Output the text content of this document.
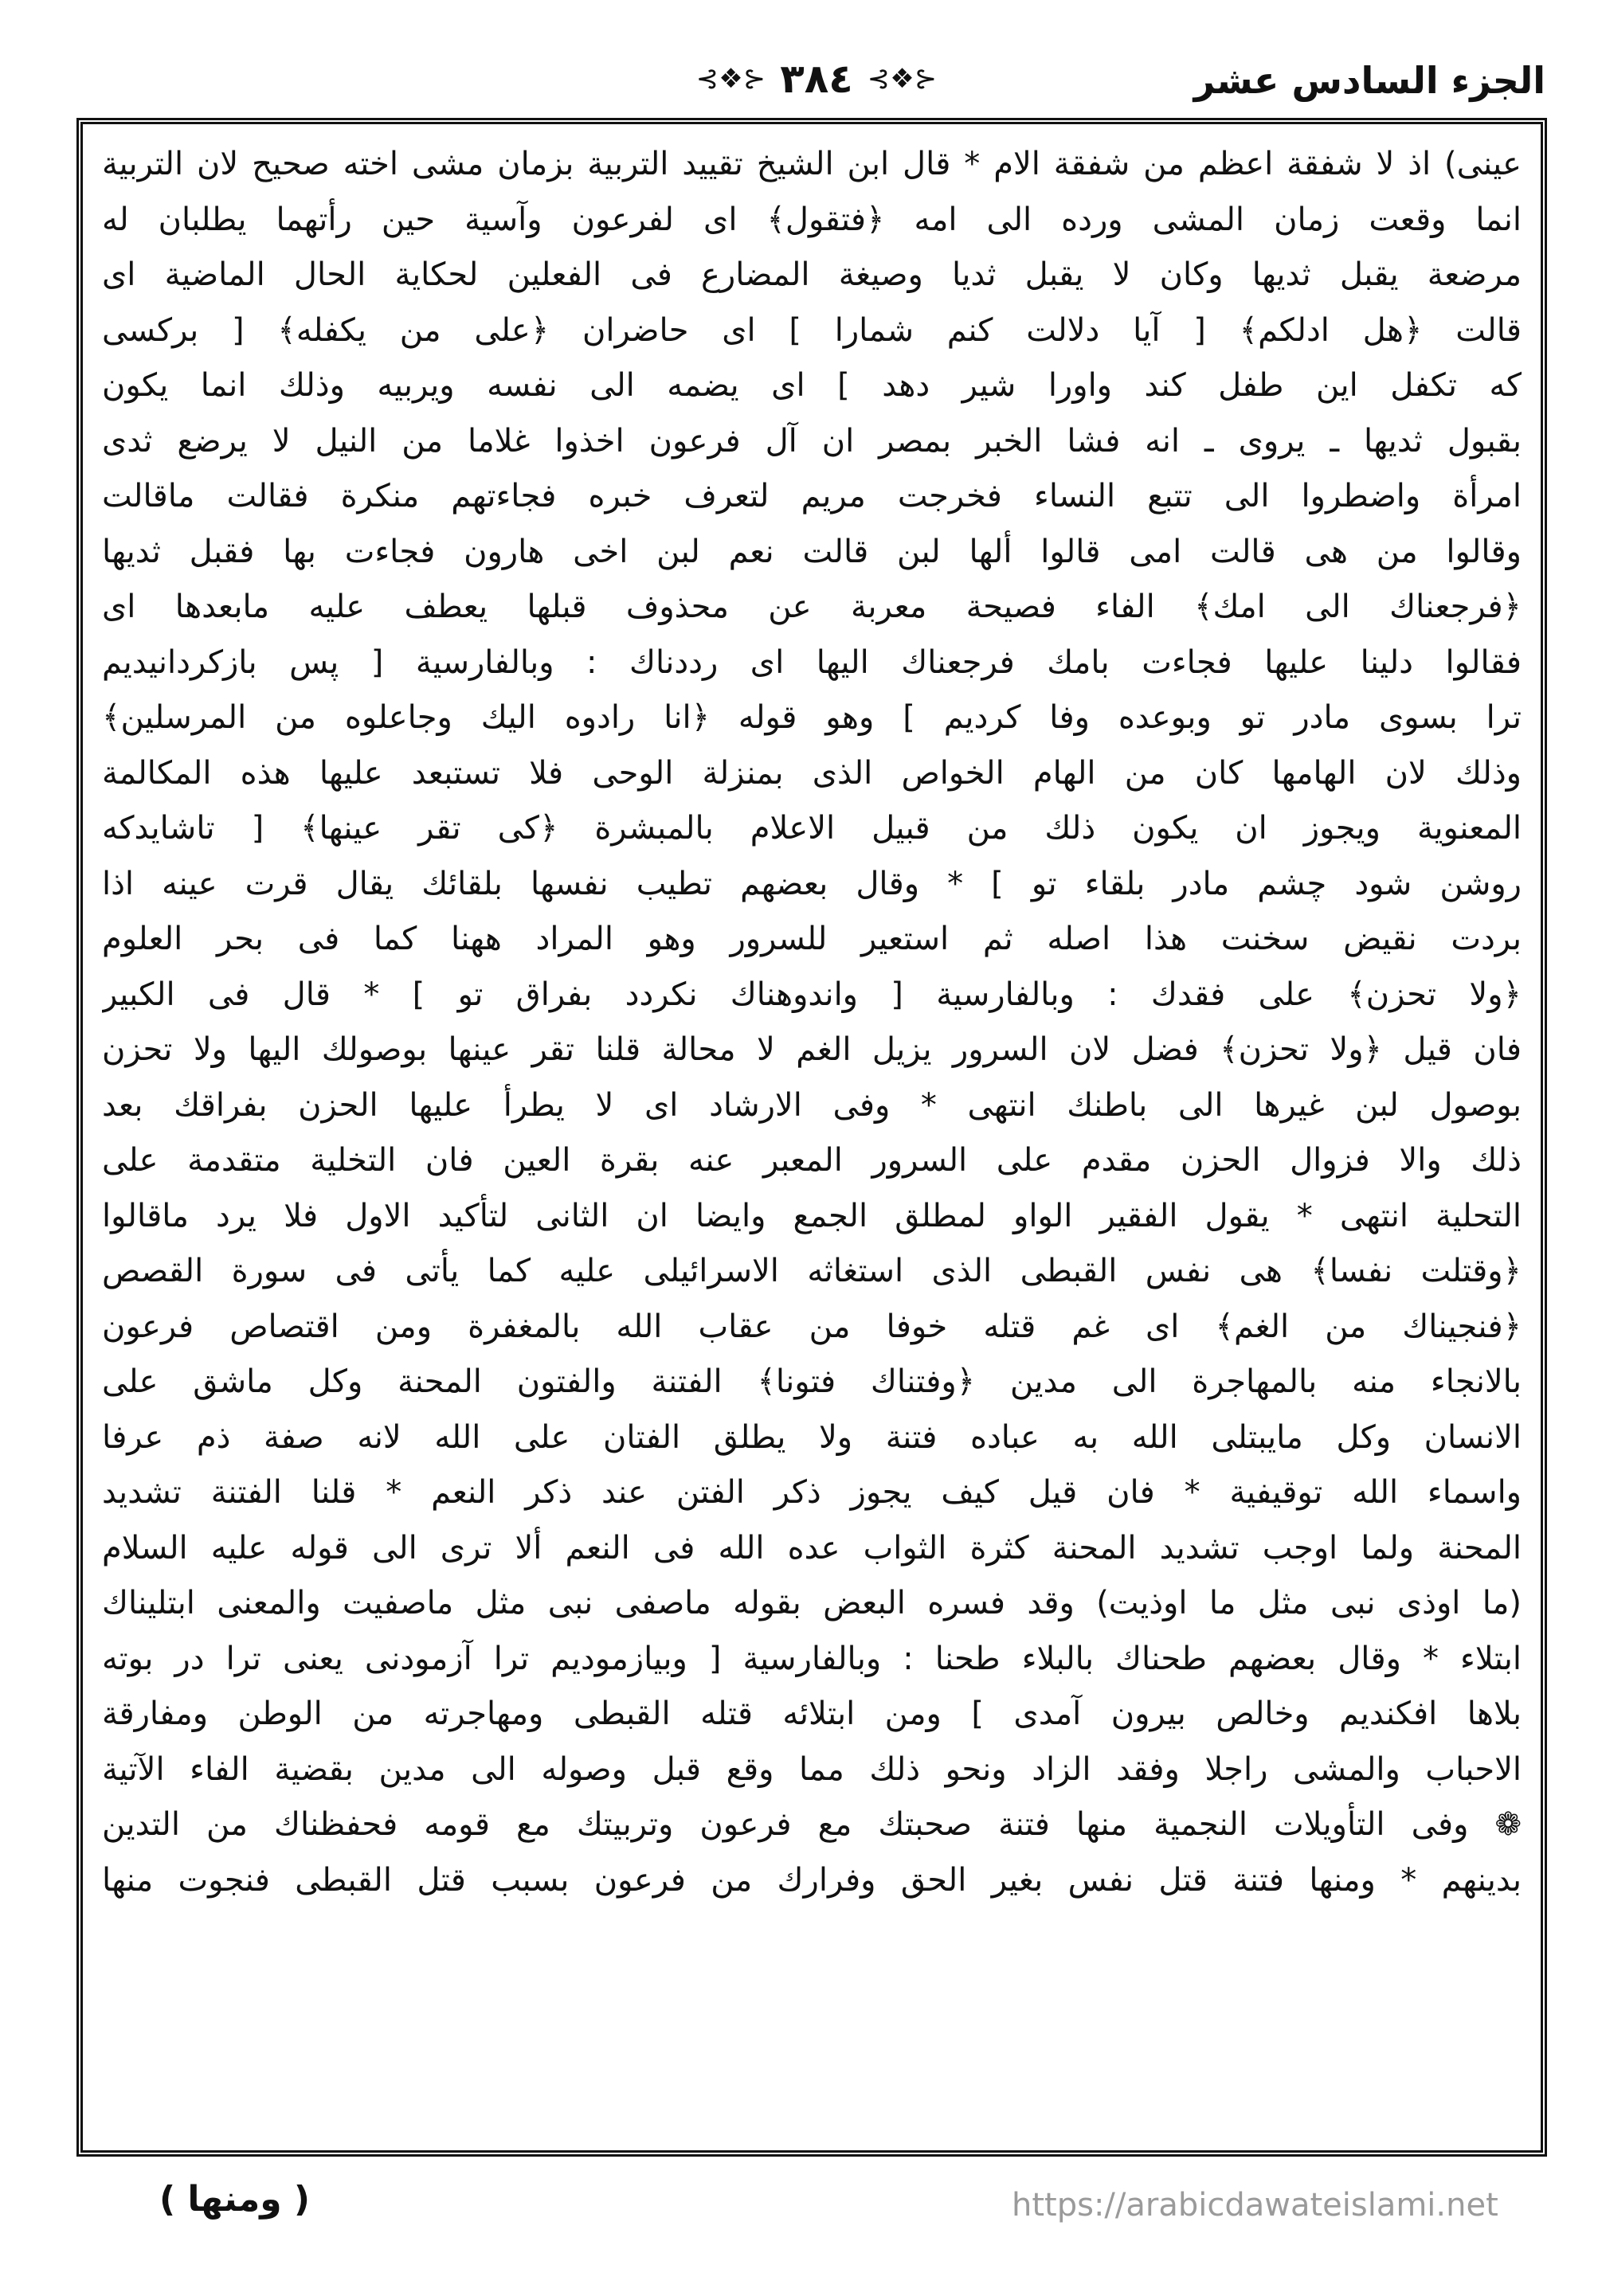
الجزء السادس عشر
⊰❖⊱ ٣٨٤ ⊰❖⊱
عينى) اذ لا شفقة اعظم من شفقة الام * قال ابن الشيخ تقييد التربية بزمان مشى اخته صحيح لان التربية
انما وقعت زمان المشى ورده الى امه ﴿فتقول﴾ اى لفرعون وآسية حين رأتهما يطلبان له
مرضعة يقبل ثديها وكان لا يقبل ثديا وصيغة المضارع فى الفعلين لحكاية الحال الماضية اى
قالت ﴿هل ادلكم﴾ [ آيا دلالت كنم شمارا ] اى حاضران ﴿على من يكفله﴾ [ بركسى
كه تكفل اين طفل كند واورا شير دهد ] اى يضمه الى نفسه ويربيه وذلك انما يكون
بقبول ثديها ـ يروى ـ انه فشا الخبر بمصر ان آل فرعون اخذوا غلاما من النيل لا يرضع ثدى
امرأة واضطروا الى تتبع النساء فخرجت مريم لتعرف خبره فجاءتهم منكرة فقالت ماقالت
وقالوا من هى قالت امى قالوا ألها لبن قالت نعم لبن اخى هارون فجاءت بها فقبل ثديها
﴿فرجعناك الى امك﴾ الفاء فصيحة معربة عن محذوف قبلها يعطف عليه مابعدها اى
فقالوا دلينا عليها فجاءت بامك فرجعناك اليها اى رددناك : وبالفارسية [ پس بازكردانيديم
ترا بسوى مادر تو وبوعده وفا كرديم ] وهو قوله ﴿انا رادوه اليك وجاعلوه من المرسلين﴾
وذلك لان الهامها كان من الهام الخواص الذى بمنزلة الوحى فلا تستبعد عليها هذه المكالمة
المعنوية ويجوز ان يكون ذلك من قبيل الاعلام بالمبشرة ﴿كى تقر عينها﴾ [ تاشايدكه
روشن شود چشم مادر بلقاء تو ] * وقال بعضهم تطيب نفسها بلقائك يقال قرت عينه اذا
بردت نقيض سخنت هذا اصله ثم استعير للسرور وهو المراد ههنا كما فى بحر العلوم
﴿ولا تحزن﴾ على فقدك : وبالفارسية [ واندوهناك نكردد بفراق تو ] * قال فى الكبير
فان قيل ﴿ولا تحزن﴾ فضل لان السرور يزيل الغم لا محالة قلنا تقر عينها بوصولك اليها ولا تحزن
بوصول لبن غيرها الى باطنك انتهى * وفى الارشاد اى لا يطرأ عليها الحزن بفراقك بعد
ذلك والا فزوال الحزن مقدم على السرور المعبر عنه بقرة العين فان التخلية متقدمة على
التحلية انتهى * يقول الفقير الواو لمطلق الجمع وايضا ان الثانى لتأكيد الاول فلا يرد ماقالوا
﴿وقتلت نفسا﴾ هى نفس القبطى الذى استغاثه الاسرائيلى عليه كما يأتى فى سورة القصص
﴿فنجيناك من الغم﴾ اى غم قتله خوفا من عقاب الله بالمغفرة ومن اقتصاص فرعون
بالانجاء منه بالمهاجرة الى مدين ﴿وفتناك فتونا﴾ الفتنة والفتون المحنة وكل ماشق على
الانسان وكل مايبتلى الله به عباده فتنة ولا يطلق الفتان على الله لانه صفة ذم عرفا
واسماء الله توقيفية * فان قيل كيف يجوز ذكر الفتن عند ذكر النعم * قلنا الفتنة تشديد
المحنة ولما اوجب تشديد المحنة كثرة الثواب عده الله فى النعم ألا ترى الى قوله عليه السلام
(ما اوذى نبى مثل ما اوذيت) وقد فسره البعض بقوله ماصفى نبى مثل ماصفيت والمعنى ابتليناك
ابتلاء * وقال بعضهم طحناك بالبلاء طحنا : وبالفارسية [ وبيازموديم ترا آزمودنى يعنى ترا در بوته
بلاها افكنديم وخالص بيرون آمدى ] ومن ابتلائه قتله القبطى ومهاجرته من الوطن ومفارقة
الاحباب والمشى راجلا وفقد الزاد ونحو ذلك مما وقع قبل وصوله الى مدين بقضية الفاء الآتية
❁ وفى التأويلات النجمية منها فتنة صحبتك مع فرعون وتربيتك مع قومه فحفظناك من التدين
بدينهم * ومنها فتنة قتل نفس بغير الحق وفرارك من فرعون بسبب قتل القبطى فنجوت منها
( ومنها )	https://arabicdawateislami.net
